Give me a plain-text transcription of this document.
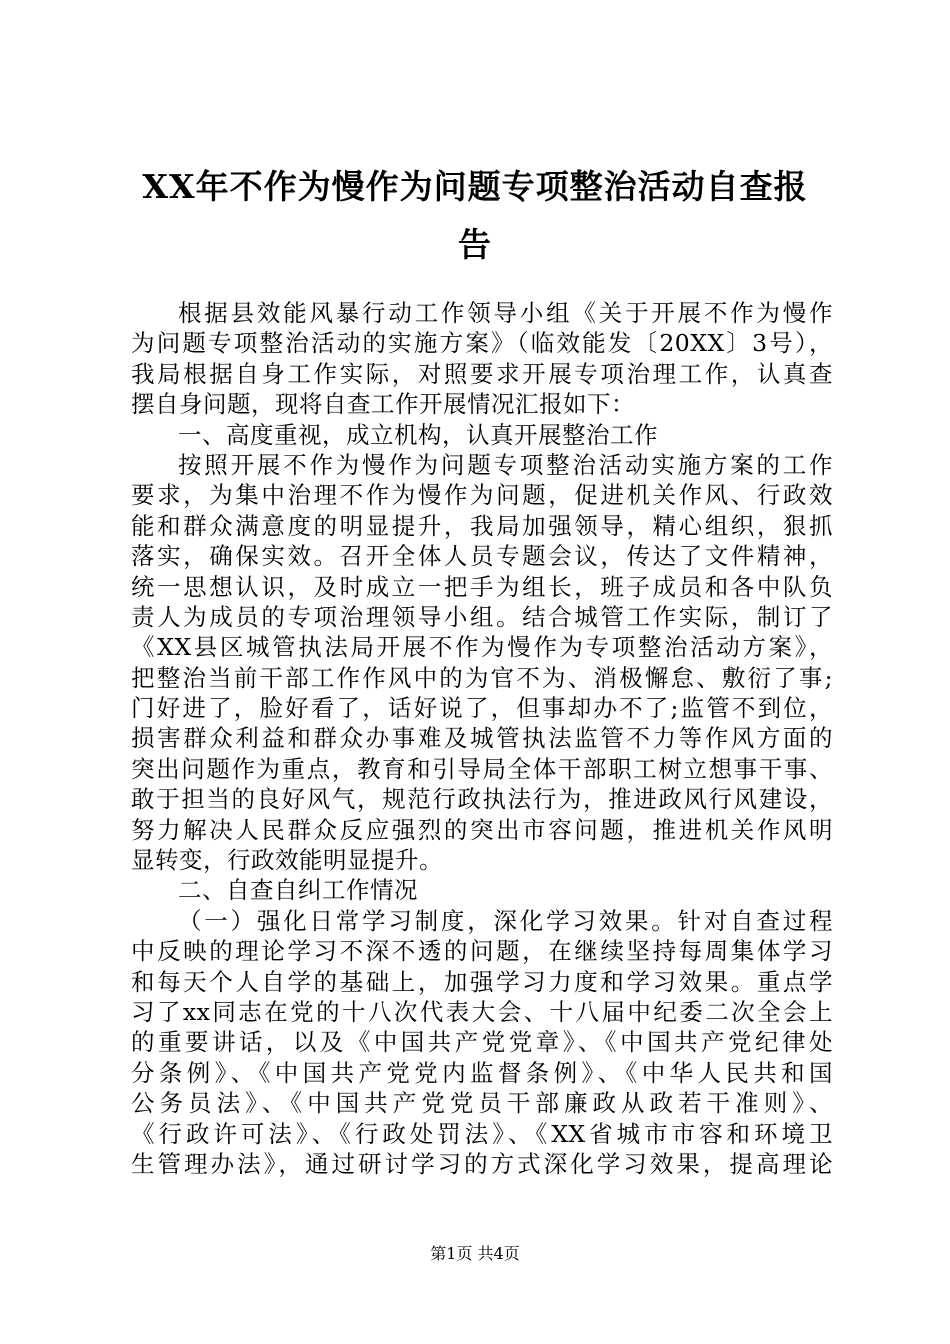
XX年不作为慢作为问题专项整治活动自查报
告
根据县效能风暴行动工作领导小组《关于开展不作为慢作
为问题专项整治活动的实施方案》（临效能发〔20XX〕3号），
我局根据自身工作实际，对照要求开展专项治理工作，认真查
摆自身问题，现将自查工作开展情况汇报如下：
一、高度重视，成立机构，认真开展整治工作
按照开展不作为慢作为问题专项整治活动实施方案的工作
要求，为集中治理不作为慢作为问题，促进机关作风、行政效
能和群众满意度的明显提升，我局加强领导，精心组织，狠抓
落实，确保实效。召开全体人员专题会议，传达了文件精神，
统一思想认识，及时成立一把手为组长，班子成员和各中队负
责人为成员的专项治理领导小组。结合城管工作实际，制订了
《XX县区城管执法局开展不作为慢作为专项整治活动方案》，
把整治当前干部工作作风中的为官不为、消极懈怠、敷衍了事;
门好进了，脸好看了，话好说了，但事却办不了;监管不到位，
损害群众利益和群众办事难及城管执法监管不力等作风方面的
突出问题作为重点，教育和引导局全体干部职工树立想事干事、
敢于担当的良好风气，规范行政执法行为，推进政风行风建设，
努力解决人民群众反应强烈的突出市容问题，推进机关作风明
显转变，行政效能明显提升。
二、自查自纠工作情况
（一）强化日常学习制度，深化学习效果。针对自查过程
中反映的理论学习不深不透的问题，在继续坚持每周集体学习
和每天个人自学的基础上，加强学习力度和学习效果。重点学
习了xx同志在党的十八次代表大会、十八届中纪委二次全会上
的重要讲话，以及《中国共产党党章》、《中国共产党纪律处
分条例》、《中国共产党党内监督条例》、《中华人民共和国
公务员法》、《中国共产党党员干部廉政从政若干准则》、
《行政许可法》、《行政处罚法》、《XX省城市市容和环境卫
生管理办法》，通过研讨学习的方式深化学习效果，提高理论
第1页 共4页
